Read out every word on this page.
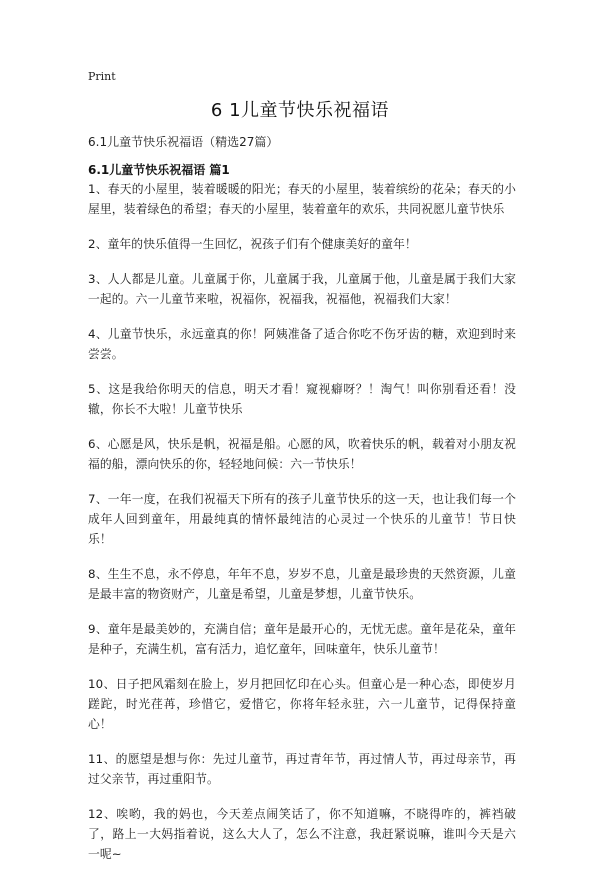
Print
6 1儿童节快乐祝福语
6.1儿童节快乐祝福语（精选27篇）
6.1儿童节快乐祝福语 篇1

1、春天的小屋里，装着暖暖的阳光；春天的小屋里，装着缤纷的花朵；春天的小屋里，装着绿色的希望；春天的小屋里，装着童年的欢乐，共同祝愿儿童节快乐

2、童年的快乐值得一生回忆，祝孩子们有个健康美好的童年！

3、人人都是儿童。儿童属于你，儿童属于我，儿童属于他，儿童是属于我们大家一起的。六一儿童节来啦，祝福你，祝福我，祝福他，祝福我们大家！

4、儿童节快乐，永远童真的你！阿姨准备了适合你吃不伤牙齿的糖，欢迎到时来尝尝。

5、这是我给你明天的信息，明天才看！窥视癖呀？！淘气！叫你别看还看！没辙，你长不大啦！儿童节快乐

6、心愿是风，快乐是帆，祝福是船。心愿的风，吹着快乐的帆，载着对小朋友祝福的船，漂向快乐的你，轻轻地问候：六一节快乐！

7、一年一度，在我们祝福天下所有的孩子儿童节快乐的这一天，也让我们每一个成年人回到童年，用最纯真的情怀最纯洁的心灵过一个快乐的儿童节！节日快乐！

8、生生不息，永不停息，年年不息，岁岁不息，儿童是最珍贵的天然资源，儿童是最丰富的物资财产，儿童是希望，儿童是梦想，儿童节快乐。

9、童年是最美妙的，充满自信；童年是最开心的，无忧无虑。童年是花朵，童年是种子，充满生机，富有活力，追忆童年，回味童年，快乐儿童节！

10、日子把风霜刻在脸上，岁月把回忆印在心头。但童心是一种心态，即使岁月蹉跎，时光荏苒，珍惜它，爱惜它，你将年轻永驻，六一儿童节，记得保持童心！

11、的愿望是想与你：先过儿童节，再过青年节，再过情人节，再过母亲节，再过父亲节，再过重阳节。

12、唉哟，我的妈也，今天差点闹笑话了，你不知道嘛，不晓得咋的，裤裆破了，路上一大妈指着说，这么大人了，怎么不注意，我赶紧说嘛，谁叫今天是六一呢~
